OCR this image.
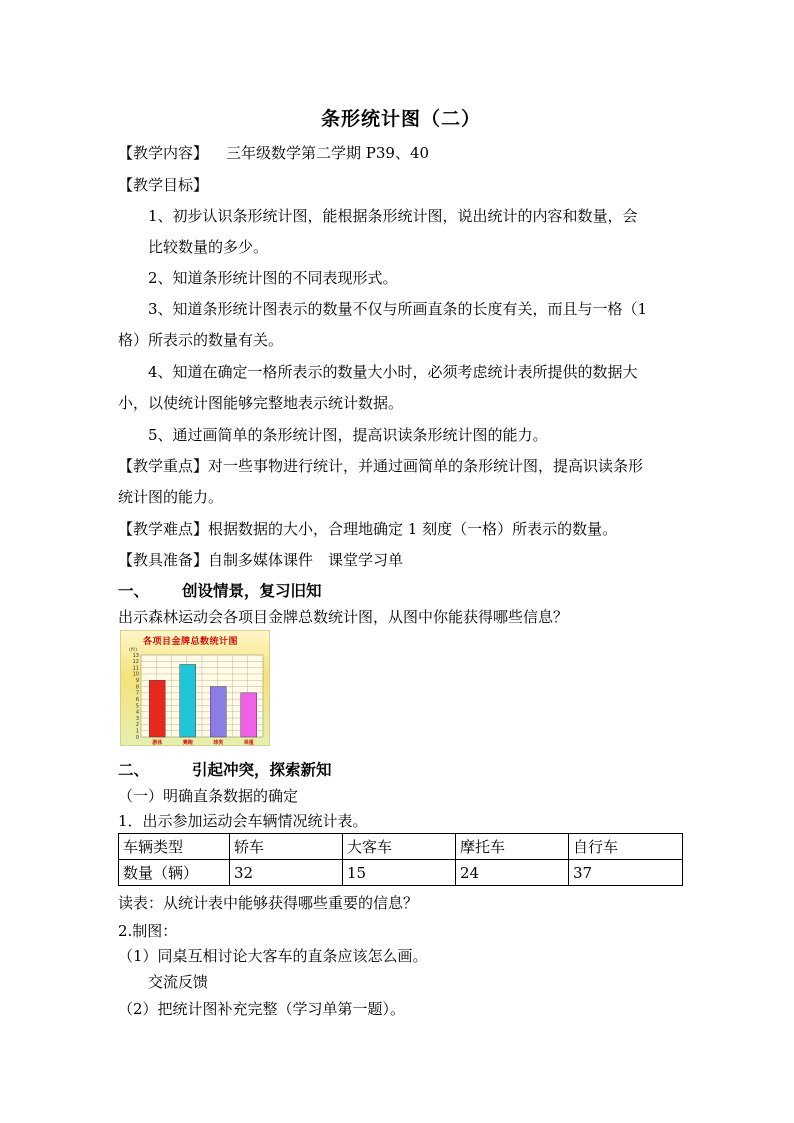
条形统计图（二）
【教学内容】 三年级数学第二学期 P39、40
【教学目标】
1、初步认识条形统计图，能根据条形统计图，说出统计的内容和数量，会
比较数量的多少。
2、知道条形统计图的不同表现形式。
3、知道条形统计图表示的数量不仅与所画直条的长度有关，而且与一格（1
格）所表示的数量有关。
4、知道在确定一格所表示的数量大小时，必须考虑统计表所提供的数据大
小，以使统计图能够完整地表示统计数据。
5、通过画简单的条形统计图，提高识读条形统计图的能力。
【教学重点】对一些事物进行统计，并通过画简单的条形统计图，提高识读条形
统计图的能力。
【教学难点】根据数据的大小，合理地确定 1 刻度（一格）所表示的数量。
【教具准备】自制多媒体课件　课堂学习单
一、 创设情景，复习旧知
出示森林运动会各项目金牌总数统计图，从图中你能获得哪些信息？
各项目金牌总数统计图
0
1
2
3
4
5
6
7
8
9
10
11
12
13
(枚)
游泳	赛跑	球类	举重
二、	引起冲突，探索新知
（一）明确直条数据的确定
1．出示参加运动会车辆情况统计表。
车辆类型	轿车	大客车	摩托车	自行车
数量（辆）	32	15	24	37
读表：从统计表中能够获得哪些重要的信息？
2.制图：
（1）同桌互相讨论大客车的直条应该怎么画。
交流反馈
（2）把统计图补充完整（学习单第一题）。
